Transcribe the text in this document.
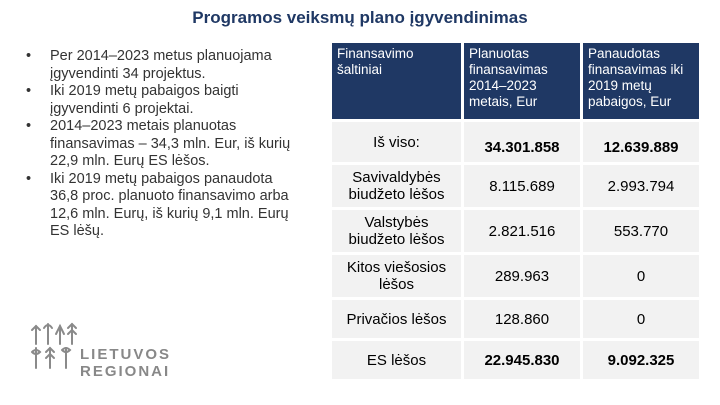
Programos veiksmų plano įgyvendinimas
• Per 2014–2023 metus planuojama įgyvendinti 34 projektus.
• Iki 2019 metų pabaigos baigti įgyvendinti 6 projektai.
• 2014–2023 metais planuotas finansavimas – 34,3 mln. Eur, iš kurių 22,9 mln. Eurų ES lėšos.
• Iki 2019 metų pabaigos panaudota 36,8 proc. planuoto finansavimo arba 12,6 mln. Eurų, iš kurių 9,1 mln. Eurų ES lėšų.
Finansavimo šaltiniai	Planuotas finansavimas 2014–2023 metais, Eur	Panaudotas finansavimas iki 2019 metų pabaigos, Eur
Iš viso:	34.301.858	12.639.889
Savivaldybės biudžeto lėšos	8.115.689	2.993.794
Valstybės biudžeto lėšos	2.821.516	553.770
Kitos viešosios lėšos	289.963	0
Privačios lėšos	128.860	0
ES lėšos	22.945.830	9.092.325
LIETUVOS
REGIONAI
